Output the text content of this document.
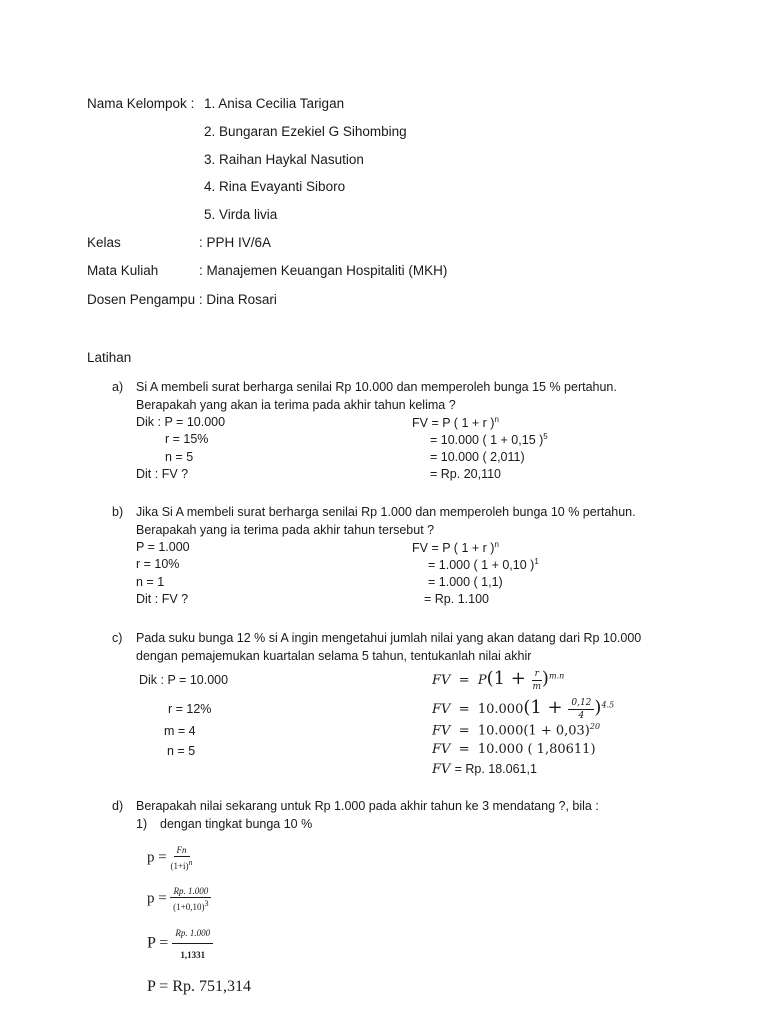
Nama Kelompok : 1. Anisa Cecilia Tarigan
2. Bungaran Ezekiel G Sihombing
3. Raihan Haykal Nasution
4. Rina Evayanti Siboro
5. Virda livia
Kelas	: PPH IV/6A
Mata Kuliah	: Manajemen Keuangan Hospitaliti (MKH)
Dosen Pengampu : Dina Rosari
Latihan
a) Si A membeli surat berharga senilai Rp 10.000 dan memperoleh bunga 15 % pertahun.
Berapakah yang akan ia terima pada akhir tahun kelima ?
Dik : P = 10.000
r = 15%
n = 5
Dit : FV ?
FV = P ( 1 + r )$^n$
= 10.000 ( 1 + 0,15 )$^5$
= 10.000 ( 2,011)
= Rp. 20,110
b) Jika Si A membeli surat berharga senilai Rp 1.000 dan memperoleh bunga 10 % pertahun.
Berapakah yang ia terima pada akhir tahun tersebut ?
P = 1.000
r = 10%
n = 1
Dit : FV ?
FV = P ( 1 + r )$^n$
= 1.000 ( 1 + 0,10 )$^1$
= 1.000 ( 1,1)
= Rp. 1.100
c) Pada suku bunga 12 % si A ingin mengetahui jumlah nilai yang akan datang dari Rp 10.000
dengan pemajemukan kuartalan selama 5 tahun, tentukanlah nilai akhir
Dik : P = 10.000
r = 12%
m = 4
n = 5
FV = $P(1 + \frac{r}{m} )^{m.n}$
FV = $10.000(1 + \frac{0,12}{4} )^{4.5}$
FV = $10.000(1 + 0,03)^{20}$
FV = 10.000 ( 1,80611)
FV = Rp. 18.061,1
d) Berapakah nilai sekarang untuk Rp 1.000 pada akhir tahun ke 3 mendatang ?, bila :
1) dengan tingkat bunga 10 %
$p = \frac{Fn}{(1+i)^n}$
$p = \frac{Rp. 1.000}{(1+0,10)^3}$
$P = \frac{Rp. 1.000}{1,1331}$
P = Rp. 751,314
